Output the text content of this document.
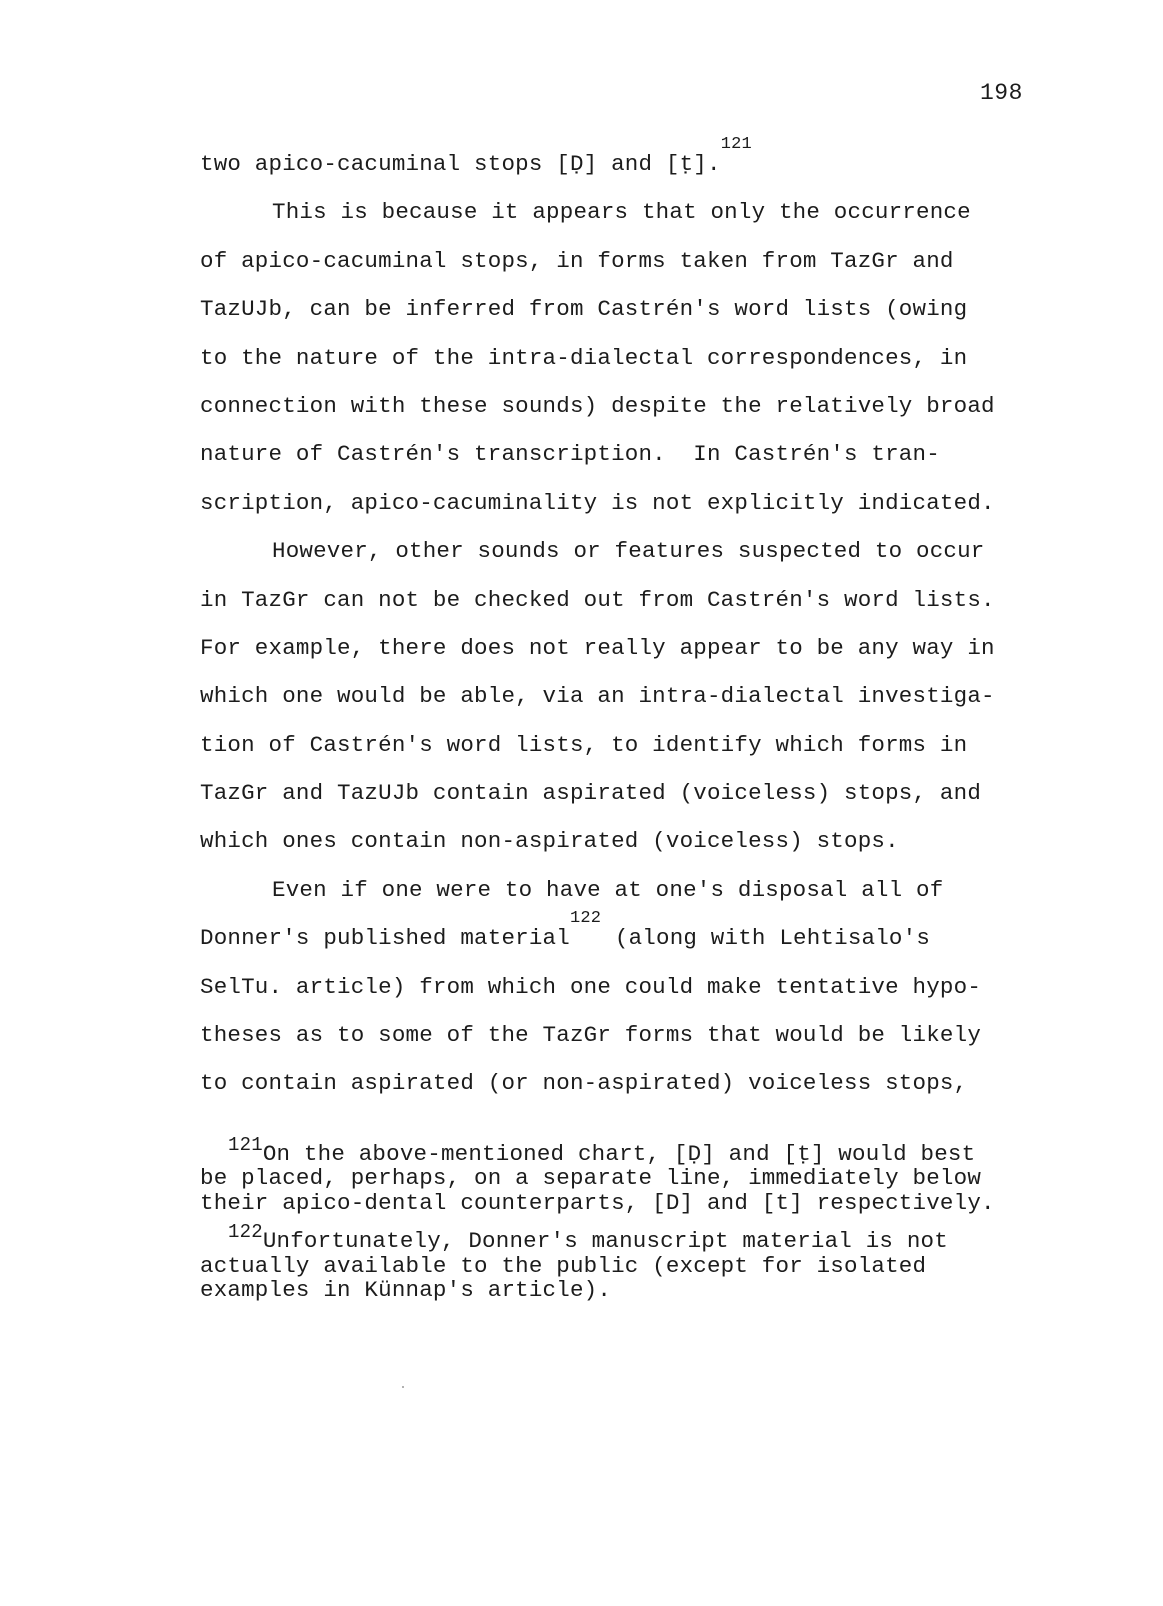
198
two apico-cacuminal stops [Ḍ] and [ṭ].$^{121}$
This is because it appears that only the occurrence
of apico-cacuminal stops, in forms taken from TazGr and
TazUJb, can be inferred from Castrén's word lists (owing
to the nature of the intra-dialectal correspondences, in
connection with these sounds) despite the relatively broad
nature of Castrén's transcription.  In Castrén's tran-
scription, apico-cacuminality is not explicitly indicated.
However, other sounds or features suspected to occur
in TazGr can not be checked out from Castrén's word lists.
For example, there does not really appear to be any way in
which one would be able, via an intra-dialectal investiga-
tion of Castrén's word lists, to identify which forms in
TazGr and TazUJb contain aspirated (voiceless) stops, and
which ones contain non-aspirated (voiceless) stops.
Even if one were to have at one's disposal all of
Donner's published material$^{122}$ (along with Lehtisalo's
SelTu. article) from which one could make tentative hypo-
theses as to some of the TazGr forms that would be likely
to contain aspirated (or non-aspirated) voiceless stops,
$^{121}$On the above-mentioned chart, [Ḍ] and [ṭ] would best
be placed, perhaps, on a separate line, immediately below
their apico-dental counterparts, [D] and [t] respectively.
$^{122}$Unfortunately, Donner's manuscript material is not
actually available to the public (except for isolated
examples in Künnap's article).
